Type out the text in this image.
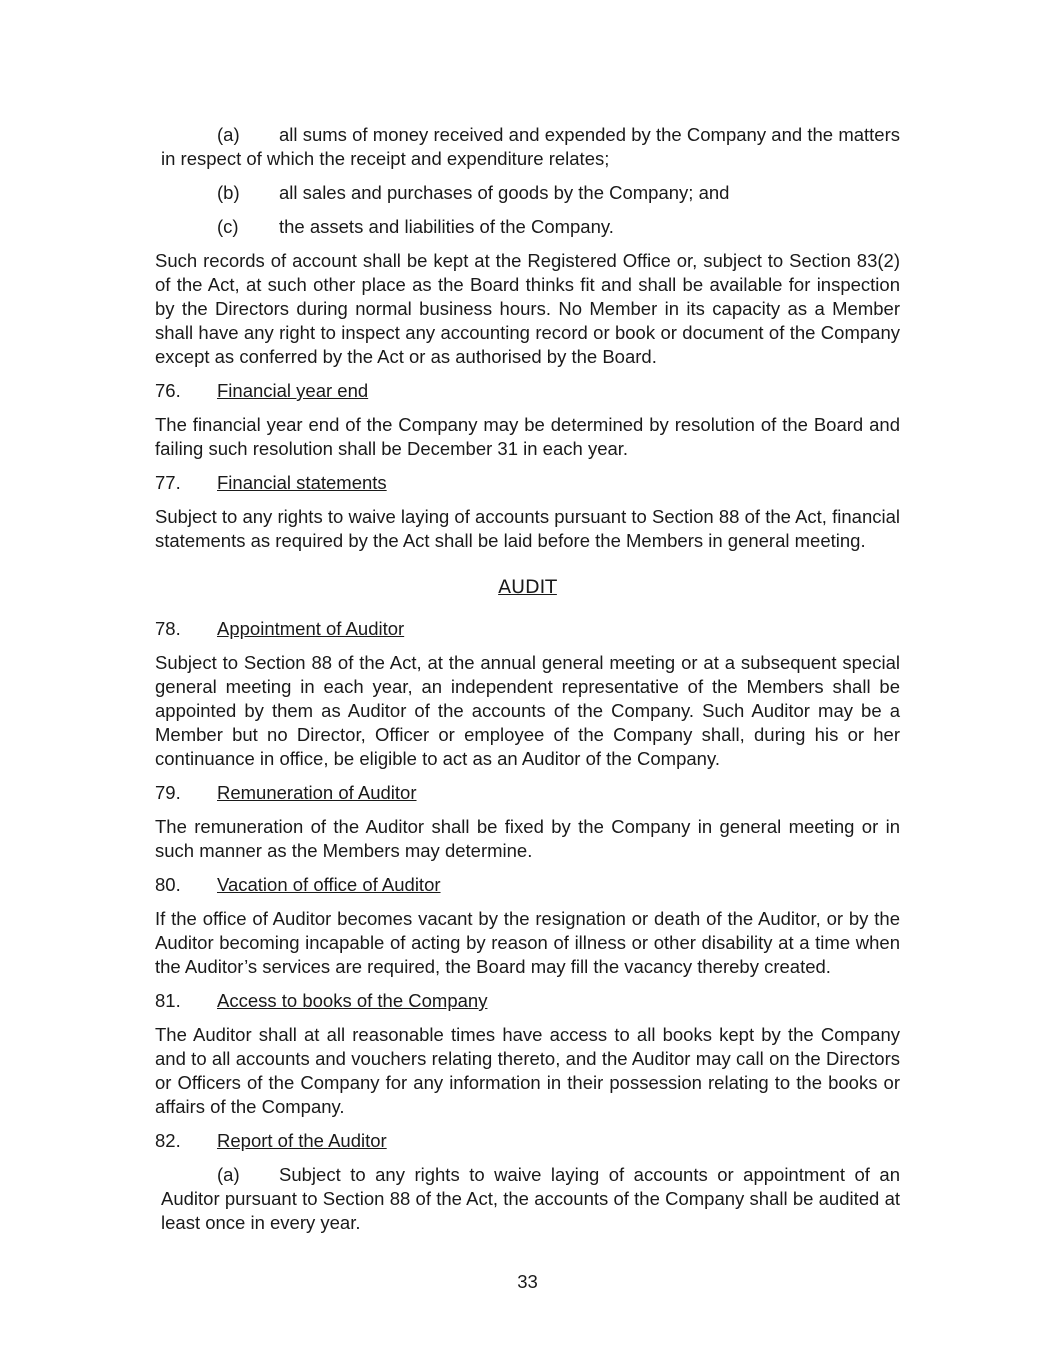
(a) all sums of money received and expended by the Company and the matters in respect of which the receipt and expenditure relates;

(b) all sales and purchases of goods by the Company; and

(c) the assets and liabilities of the Company.

Such records of account shall be kept at the Registered Office or, subject to Section 83(2) of the Act, at such other place as the Board thinks fit and shall be available for inspection by the Directors during normal business hours. No Member in its capacity as a Member shall have any right to inspect any accounting record or book or document of the Company except as conferred by the Act or as authorised by the Board.

76. Financial year end

The financial year end of the Company may be determined by resolution of the Board and failing such resolution shall be December 31 in each year.

77. Financial statements

Subject to any rights to waive laying of accounts pursuant to Section 88 of the Act, financial statements as required by the Act shall be laid before the Members in general meeting.

AUDIT
78. Appointment of Auditor

Subject to Section 88 of the Act, at the annual general meeting or at a subsequent special general meeting in each year, an independent representative of the Members shall be appointed by them as Auditor of the accounts of the Company. Such Auditor may be a Member but no Director, Officer or employee of the Company shall, during his or her continuance in office, be eligible to act as an Auditor of the Company.

79. Remuneration of Auditor

The remuneration of the Auditor shall be fixed by the Company in general meeting or in such manner as the Members may determine.

80. Vacation of office of Auditor

If the office of Auditor becomes vacant by the resignation or death of the Auditor, or by the Auditor becoming incapable of acting by reason of illness or other disability at a time when the Auditor’s services are required, the Board may fill the vacancy thereby created.

81. Access to books of the Company

The Auditor shall at all reasonable times have access to all books kept by the Company and to all accounts and vouchers relating thereto, and the Auditor may call on the Directors or Officers of the Company for any information in their possession relating to the books or affairs of the Company.

82. Report of the Auditor

(a) Subject to any rights to waive laying of accounts or appointment of an Auditor pursuant to Section 88 of the Act, the accounts of the Company shall be audited at least once in every year.

33
